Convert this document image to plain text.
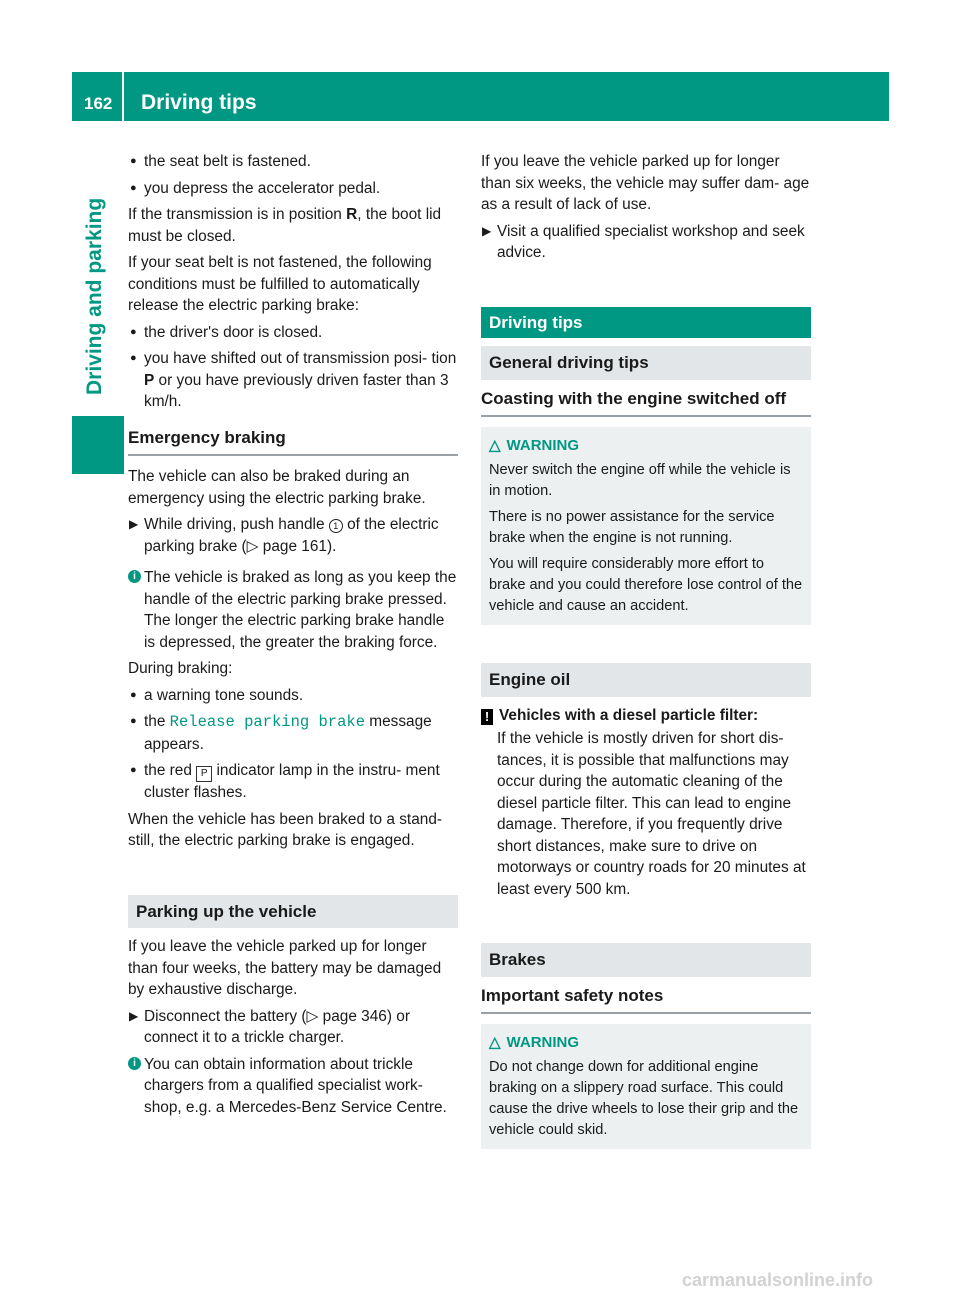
162 Driving tips
Driving and parking
● the seat belt is fastened.
● you depress the accelerator pedal.

If the transmission is in position R, the boot lid must be closed.

If your seat belt is not fastened, the following conditions must be fulfilled to automatically release the electric parking brake:

● the driver's door is closed.
● you have shifted out of transmission posi- tion P or you have previously driven faster than 3 km/h.
Emergency braking

The vehicle can also be braked during an emergency using the electric parking brake.

▶ While driving, push handle 1 of the electric parking brake (▷ page 161).
i The vehicle is braked as long as you keep the handle of the electric parking brake pressed. The longer the electric parking brake handle is depressed, the greater the braking force.

During braking:

● a warning tone sounds.
● the Release parking brake message appears.
● the red P indicator lamp in the instru- ment cluster flashes.

When the vehicle has been braked to a stand- still, the electric parking brake is engaged.

Parking up the vehicle

If you leave the vehicle parked up for longer than four weeks, the battery may be damaged by exhaustive discharge.

▶ Disconnect the battery (▷ page 346) or connect it to a trickle charger.
i You can obtain information about trickle chargers from a qualified specialist work- shop, e.g. a Mercedes-Benz Service Centre.

If you leave the vehicle parked up for longer than six weeks, the vehicle may suffer dam- age as a result of lack of use.

▶ Visit a qualified specialist workshop and seek advice.
Driving tips
General driving tips
Coasting with the engine switched off
△ WARNING

Never switch the engine off while the vehicle is in motion.

There is no power assistance for the service brake when the engine is not running.

You will require considerably more effort to brake and you could therefore lose control of the vehicle and cause an accident.

Engine oil
! Vehicles with a diesel particle filter:

If the vehicle is mostly driven for short dis- tances, it is possible that malfunctions may occur during the automatic cleaning of the diesel particle filter. This can lead to engine damage. Therefore, if you frequently drive short distances, make sure to drive on motorways or country roads for 20 minutes at least every 500 km.

Brakes
Important safety notes
△ WARNING

Do not change down for additional engine braking on a slippery road surface. This could cause the drive wheels to lose their grip and the vehicle could skid.

carmanualsonline.info
